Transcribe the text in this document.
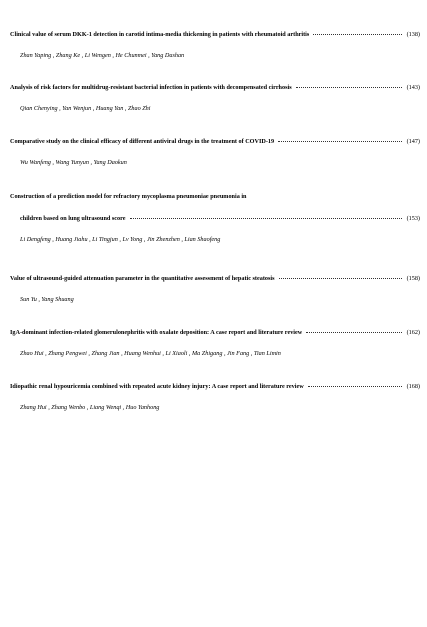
Clinical value of serum DKK-1 detection in carotid intima-media thickening in patients with rheumatoid arthritis	(138)
Zhan Yaping , Zhang Ke , Li Wengen , He Chunmei , Yang Dashan
Analysis of risk factors for multidrug-resistant bacterial infection in patients with decompensated cirrhosis	(143)
Qian Chenying , Yan Wenjun , Huang Yan , Zhao Zhi
Comparative study on the clinical efficacy of different antiviral drugs in the treatment of COVID-19	(147)
Wu Wanfeng , Wang Yunyun , Yang Daokun
Construction of a prediction model for refractory mycoplasma pneumoniae pneumonia in
children based on lung ultrasound score	(153)
Li Dengfeng , Huang Jiahu , Li Tingjun , Lv Yong , Jin Zhenzhen , Lian Shaofeng
Value of ultrasound-guided attenuation parameter in the quantitative assessment of hepatic steatosis	(158)
Sun Yu , Yang Shuang
IgA-dominant infection-related glomerulonephritis with oxalate deposition: A case report and literature review	(162)
Zhao Hui , Zhang Pengwei , Zhang Jian , Huang Wenhui , Li Xiaoli , Ma Zhigang , Jin Fang , Tian Limin
Idiopathic renal hypouricemia combined with repeated acute kidney injury: A case report and literature review	(168)
Zhang Hui , Zhang Wenbo , Liang Wenqi , Huo Yanhong
